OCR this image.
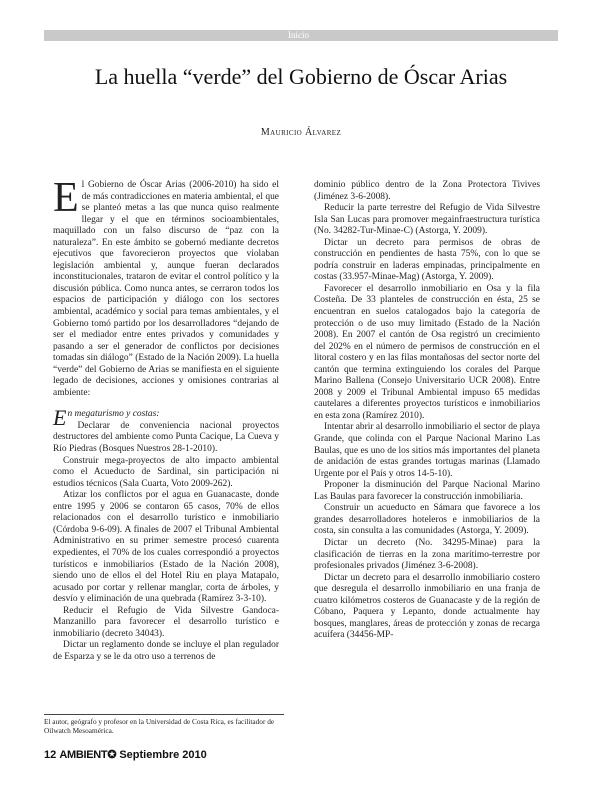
Inicio
La huella “verde” del Gobierno de Óscar Arias
Mauricio Álvarez

El Gobierno de Óscar Arias (2006-2010) ha sido el de más contradicciones en materia ambiental, el que se planteó metas a las que nunca quiso realmente llegar y el que en términos socioambientales, maquillado con un falso discurso de “paz con la naturaleza”. En este ámbito se gobernó mediante decretos ejecutivos que favorecieron proyectos que violaban legislación ambiental y, aunque fueran declarados inconstitucionales, trataron de evitar el control político y la discusión pública. Como nunca antes, se cerraron todos los espacios de participación y diálogo con los sectores ambiental, académico y social para temas ambientales, y el Gobierno tomó partido por los desarrolladores “dejando de ser el mediador entre entes privados y comunidades y pasando a ser el generador de conflictos por decisiones tomadas sin diálogo” (Estado de la Nación 2009). La huella “verde” del Gobierno de Arias se manifiesta en el siguiente legado de decisiones, acciones y omisiones contrarias al ambiente:

En megaturismo y costas:

Declarar de conveniencia nacional proyectos destructores del ambiente como Punta Cacique, La Cueva y Río Piedras (Bosques Nuestros 28-1-2010).

Construir mega-proyectos de alto impacto ambiental como el Acueducto de Sardinal, sin participación ni estudios técnicos (Sala Cuarta, Voto 2009-262).

Atizar los conflictos por el agua en Guanacaste, donde entre 1995 y 2006 se contaron 65 casos, 70% de ellos relacionados con el desarrollo turístico e inmobiliario (Córdoba 9-6-09). A finales de 2007 el Tribunal Ambiental Administrativo en su primer semestre procesó cuarenta expedientes, el 70% de los cuales correspondió a proyectos turísticos e inmobiliarios (Estado de la Nación 2008), siendo uno de ellos el del Hotel Riu en playa Matapalo, acusado por cortar y rellenar manglar, corta de árboles, y desvío y eliminación de una quebrada (Ramírez 3-3-10).

Reducir el Refugio de Vida Silvestre Gandoca-Manzanillo para favorecer el desarrollo turístico e inmobiliario (decreto 34043).

Dictar un reglamento donde se incluye el plan regulador de Esparza y se le da otro uso a terrenos de

dominio público dentro de la Zona Protectora Tivives (Jiménez 3-6-2008).

Reducir la parte terrestre del Refugio de Vida Silvestre Isla San Lucas para promover megainfraestructura turística (No. 34282-Tur-Minae-C) (Astorga, Y. 2009).

Dictar un decreto para permisos de obras de construcción en pendientes de hasta 75%, con lo que se podría construir en laderas empinadas, principalmente en costas (33.957-Minae-Mag) (Astorga, Y. 2009).

Favorecer el desarrollo inmobiliario en Osa y la fila Costeña. De 33 planteles de construcción en ésta, 25 se encuentran en suelos catalogados bajo la categoría de protección o de uso muy limitado (Estado de la Nación 2008). En 2007 el cantón de Osa registró un crecimiento del 202% en el número de permisos de construcción en el litoral costero y en las filas montañosas del sector norte del cantón que termina extinguiendo los corales del Parque Marino Ballena (Consejo Universitario UCR 2008). Entre 2008 y 2009 el Tribunal Ambiental impuso 65 medidas cautelares a diferentes proyectos turísticos e inmobiliarios en esta zona (Ramírez 2010).

Intentar abrir al desarrollo inmobiliario el sector de playa Grande, que colinda con el Parque Nacional Marino Las Baulas, que es uno de los sitios más importantes del planeta de anidación de estas grandes tortugas marinas (Llamado Urgente por el País y otros 14-5-10).

Proponer la disminución del Parque Nacional Marino Las Baulas para favorecer la construcción inmobiliaria.

Construir un acueducto en Sámara que favorece a los grandes desarrolladores hoteleros e inmobiliarios de la costa, sin consulta a las comunidades (Astorga, Y. 2009).

Dictar un decreto (No. 34295-Minae) para la clasificación de tierras en la zona marítimo-terrestre por profesionales privados (Jiménez 3-6-2008).

Dictar un decreto para el desarrollo inmobiliario costero que desregula el desarrollo inmobiliario en una franja de cuatro kilómetros costeros de Guanacaste y de la región de Cóbano, Paquera y Lepanto, donde actualmente hay bosques, manglares, áreas de protección y zonas de recarga acuífera (34456-MP-

El autor, geógrafo y profesor en la Universidad de Costa Rica, es facilitador de Oilwatch Mesoamérica.
12 AMBIENT✪ Septiembre 2010
